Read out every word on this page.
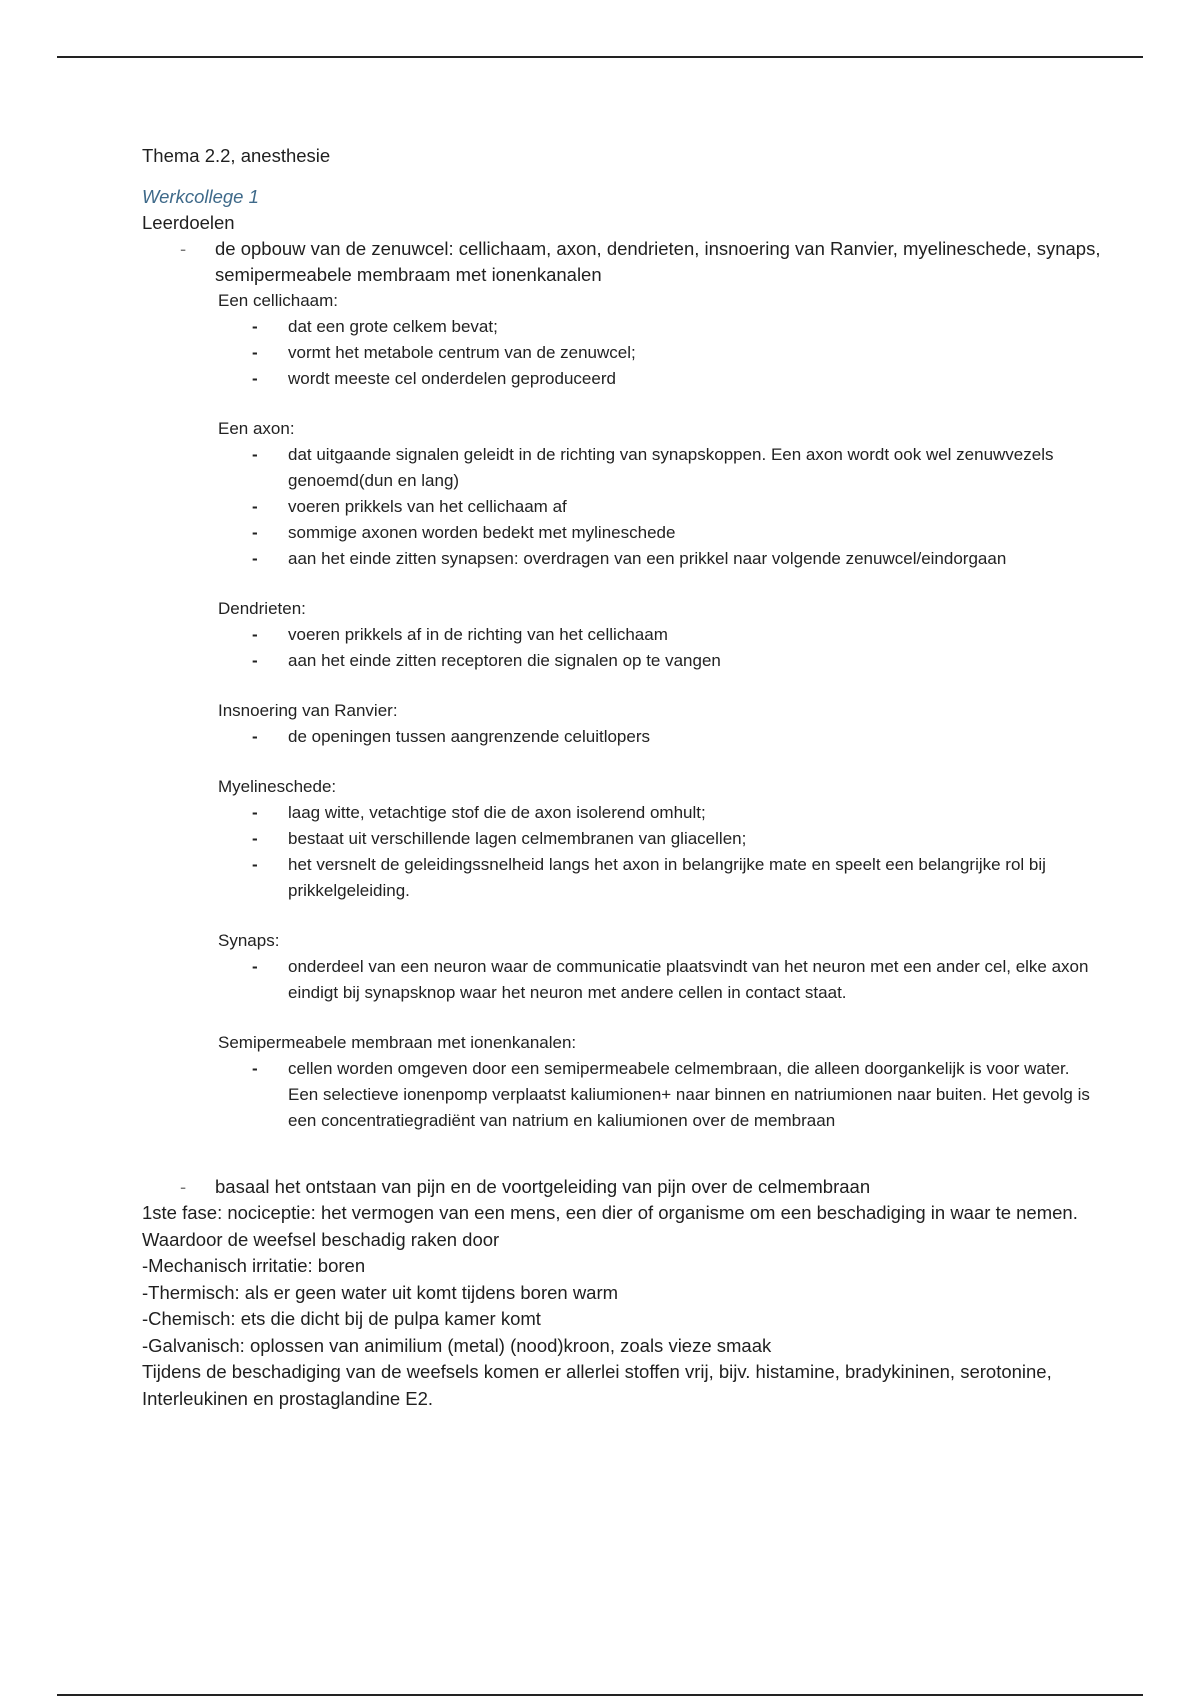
Thema 2.2, anesthesie

Werkcollege 1

Leerdoelen

- de opbouw van de zenuwcel: cellichaam, axon, dendrieten, insnoering van Ranvier, myelineschede, synaps, semipermeabele membraam met ionenkanalen
Een cellichaam:
- dat een grote celkem bevat;
- vormt het metabole centrum van de zenuwcel;
- wordt meeste cel onderdelen geproduceerd
Een axon:
- dat uitgaande signalen geleidt in de richting van synapskoppen. Een axon wordt ook wel zenuwvezels genoemd(dun en lang)
- voeren prikkels van het cellichaam af
- sommige axonen worden bedekt met mylineschede
- aan het einde zitten synapsen: overdragen van een prikkel naar volgende zenuwcel/eindorgaan
Dendrieten:
- voeren prikkels af in de richting van het cellichaam
- aan het einde zitten receptoren die signalen op te vangen
Insnoering van Ranvier:
- de openingen tussen aangrenzende celuitlopers
Myelineschede:
- laag witte, vetachtige stof die de axon isolerend omhult;
- bestaat uit verschillende lagen celmembranen van gliacellen;
- het versnelt de geleidingssnelheid langs het axon in belangrijke mate en speelt een belangrijke rol bij prikkelgeleiding.
Synaps:
- onderdeel van een neuron waar de communicatie plaatsvindt van het neuron met een ander cel, elke axon eindigt bij synapsknop waar het neuron met andere cellen in contact staat.
Semipermeabele membraan met ionenkanalen:
- cellen worden omgeven door een semipermeabele celmembraan, die alleen doorgankelijk is voor water. Een selectieve ionenpomp verplaatst kaliumionen+ naar binnen en natriumionen naar buiten. Het gevolg is een concentratiegradiënt van natrium en kaliumionen over de membraan
- basaal het ontstaan van pijn en de voortgeleiding van pijn over de celmembraan

1ste fase: nociceptie: het vermogen van een mens, een dier of organisme om een beschadiging in waar te nemen.

Waardoor de weefsel beschadig raken door

-Mechanisch irritatie: boren

-Thermisch: als er geen water uit komt tijdens boren warm

-Chemisch: ets die dicht bij de pulpa kamer komt

-Galvanisch: oplossen van animilium (metal) (nood)kroon, zoals vieze smaak

Tijdens de beschadiging van de weefsels komen er allerlei stoffen vrij, bijv. histamine, bradykininen, serotonine, Interleukinen en prostaglandine E2.
